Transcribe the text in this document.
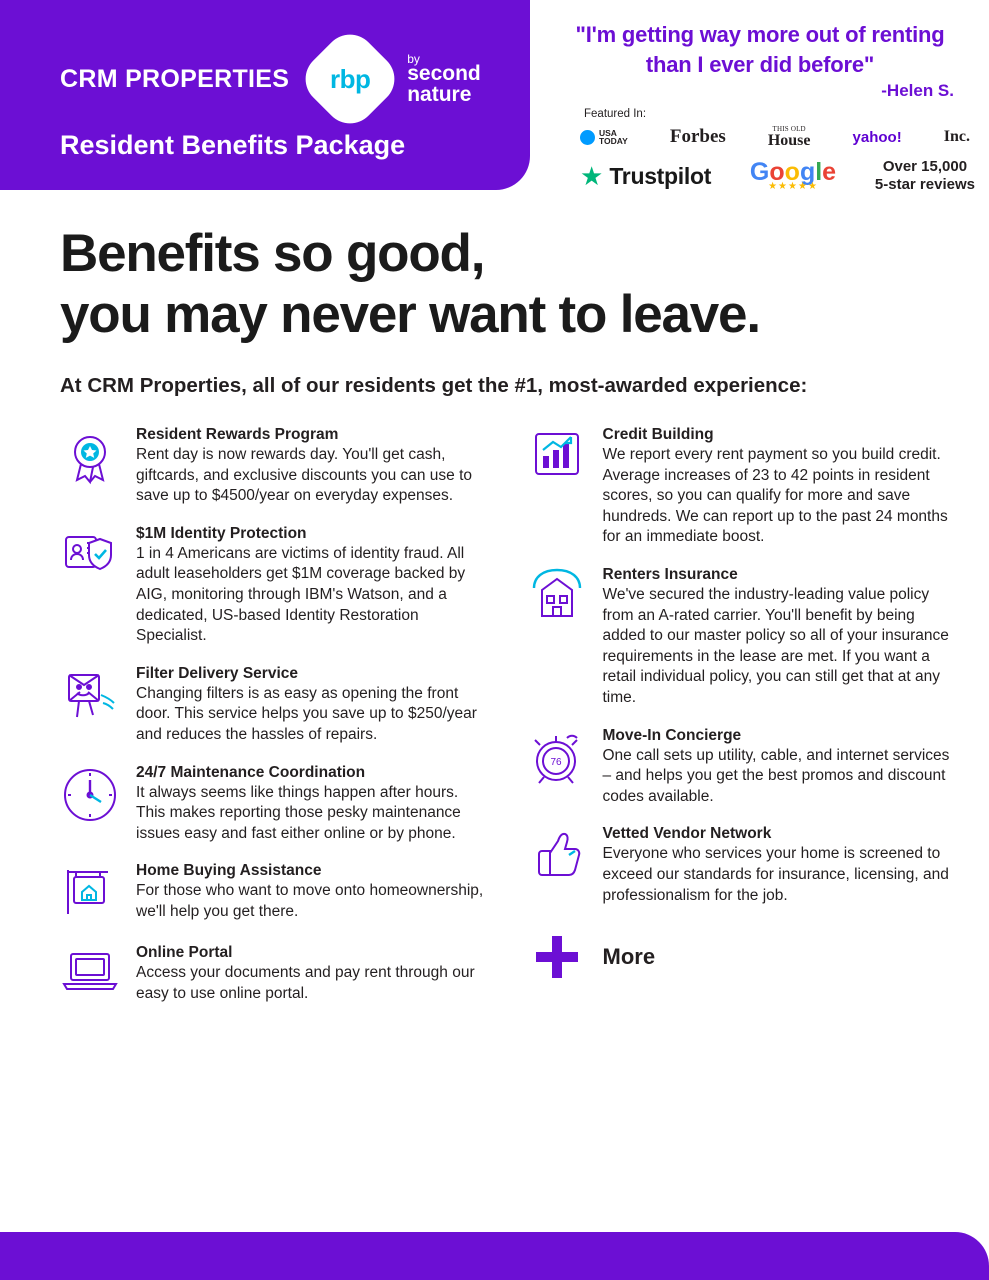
CRM PROPERTIES	rbp
by
second
nature
Resident Benefits Package
"I'm getting way more out of renting than I ever did before"
-Helen S.
Featured In:
USA
TODAY Forbes	THIS OLD
House	yahoo!	Inc.
★ Trustpilot Google
★★★★★
Over 15,000
5-star reviews
Benefits so good,
you may never want to leave.
At CRM Properties, all of our residents get the #1, most-awarded experience:
Resident Rewards Program
Rent day is now rewards day. You'll get cash, giftcards, and exclusive discounts you can use to save up to $4500/year on everyday expenses.
$1M Identity Protection
1 in 4 Americans are victims of identity fraud. All adult leaseholders get $1M coverage backed by AIG, monitoring through IBM's Watson, and a dedicated, US-based Identity Restoration Specialist.
Filter Delivery Service
Changing filters is as easy as opening the front door. This service helps you save up to $250/year and reduces the hassles of repairs.
24/7 Maintenance Coordination
It always seems like things happen after hours. This makes reporting those pesky maintenance issues easy and fast either online or by phone.
Home Buying Assistance
For those who want to move onto homeownership, we'll help you get there.
Online Portal
Access your documents and pay rent through our easy to use online portal.
Credit Building
We report every rent payment so you build credit. Average increases of 23 to 42 points in resident scores, so you can qualify for more and save hundreds. We can report up to the past 24 months for an immediate boost.
Renters Insurance
We've secured the industry-leading value policy from an A-rated carrier. You'll benefit by being added to our master policy so all of your insurance requirements in the lease are met. If you want a retail individual policy, you can still get that at any time.
76
Move-In Concierge
One call sets up utility, cable, and internet services – and helps you get the best promos and discount codes available.
Vetted Vendor Network
Everyone who services your home is screened to exceed our standards for insurance, licensing, and professionalism for the job.
More
